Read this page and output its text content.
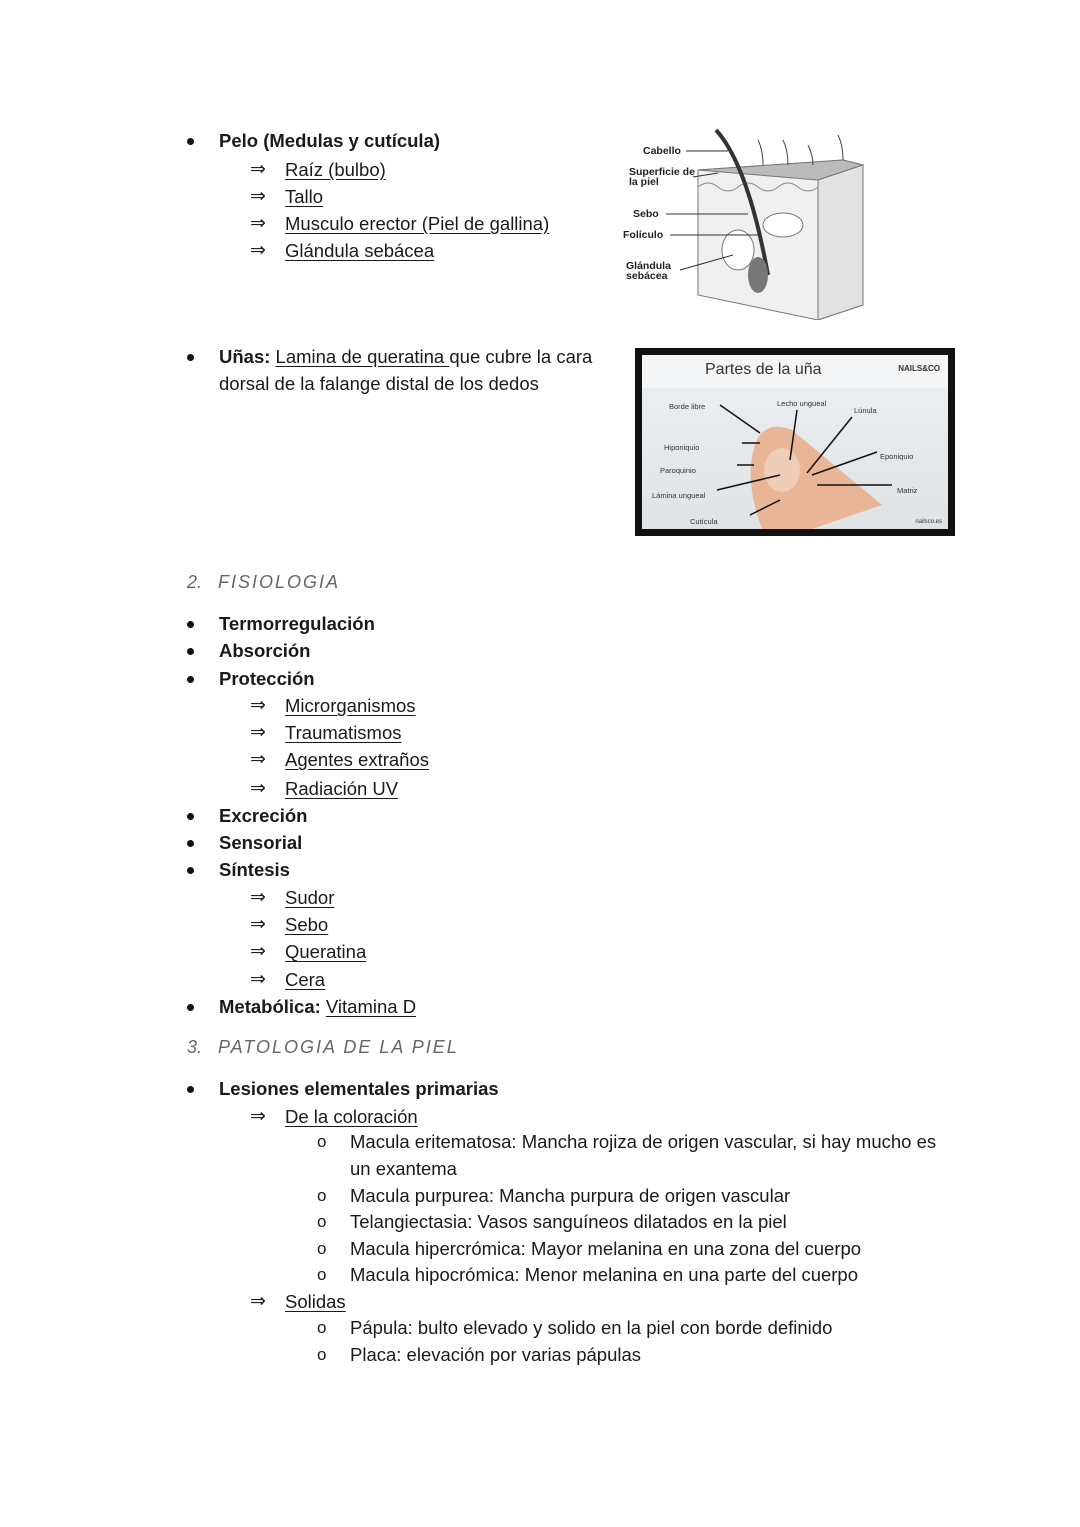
Pelo (Medulas y cutícula)
⇒ Raíz (bulbo)
⇒ Tallo
⇒ Musculo erector (Piel de gallina)
⇒ Glándula sebácea
Cabello
Superficie de la piel
Sebo
Folículo
Glándula sebácea
Uñas: Lamina de queratina que cubre la cara
dorsal de la falange distal de los dedos
Partes de la uña	NAILS&CO
Borde libre	Lecho ungueal
Lúnula
Hiponiquio
Eponiquio
Paroquinio
Matriz
Lámina ungueal
Cutícula	nailsco.es
2. FISIOLOGIA
Termorregulación
Absorción
Protección
⇒ Microrganismos
⇒ Traumatismos
⇒ Agentes extraños
⇒ Radiación UV
Excreción
Sensorial
Síntesis
⇒ Sudor
⇒ Sebo
⇒ Queratina
⇒ Cera
Metabólica: Vitamina D
3. PATOLOGIA DE LA PIEL
Lesiones elementales primarias
⇒ De la coloración
o Macula eritematosa: Mancha rojiza de origen vascular, si hay mucho es
un exantema
o Macula purpurea: Mancha purpura de origen vascular
o Telangiectasia: Vasos sanguíneos dilatados en la piel
o Macula hipercrómica: Mayor melanina en una zona del cuerpo
o Macula hipocrómica: Menor melanina en una parte del cuerpo
⇒ Solidas
o Pápula: bulto elevado y solido en la piel con borde definido
o Placa: elevación por varias pápulas
